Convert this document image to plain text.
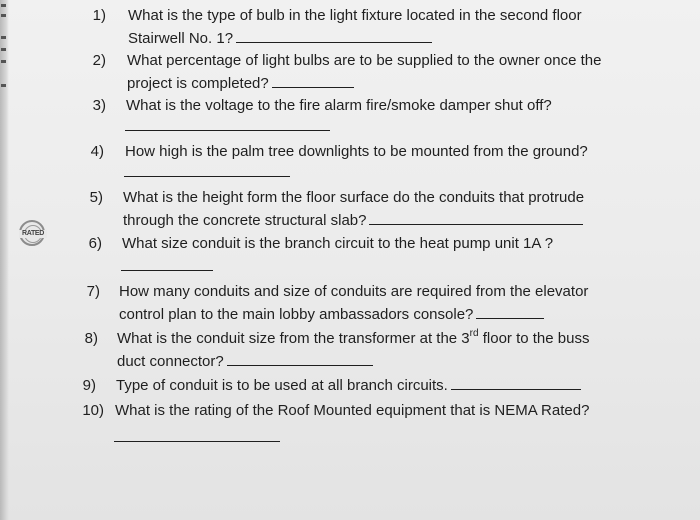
RATED
1) What is the type of bulb in the light fixture located in the second floor
Stairwell No. 1?
2) What percentage of light bulbs are to be supplied to the owner once the
project is completed?
3) What is the voltage to the fire alarm fire/smoke damper shut off?
4) How high is the palm tree downlights to be mounted from the ground?
5) What is the height form the floor surface do the conduits that protrude
through the concrete structural slab?
6) What size conduit is the branch circuit to the heat pump unit 1A ?
7) How many conduits and size of conduits are required from the elevator
control plan to the main lobby ambassadors console?
8) What is the conduit size from the transformer at the 3rd floor to the buss
duct connector?
9) Type of conduit is to be used at all branch circuits.
10) What is the rating of the Roof Mounted equipment that is NEMA Rated?
